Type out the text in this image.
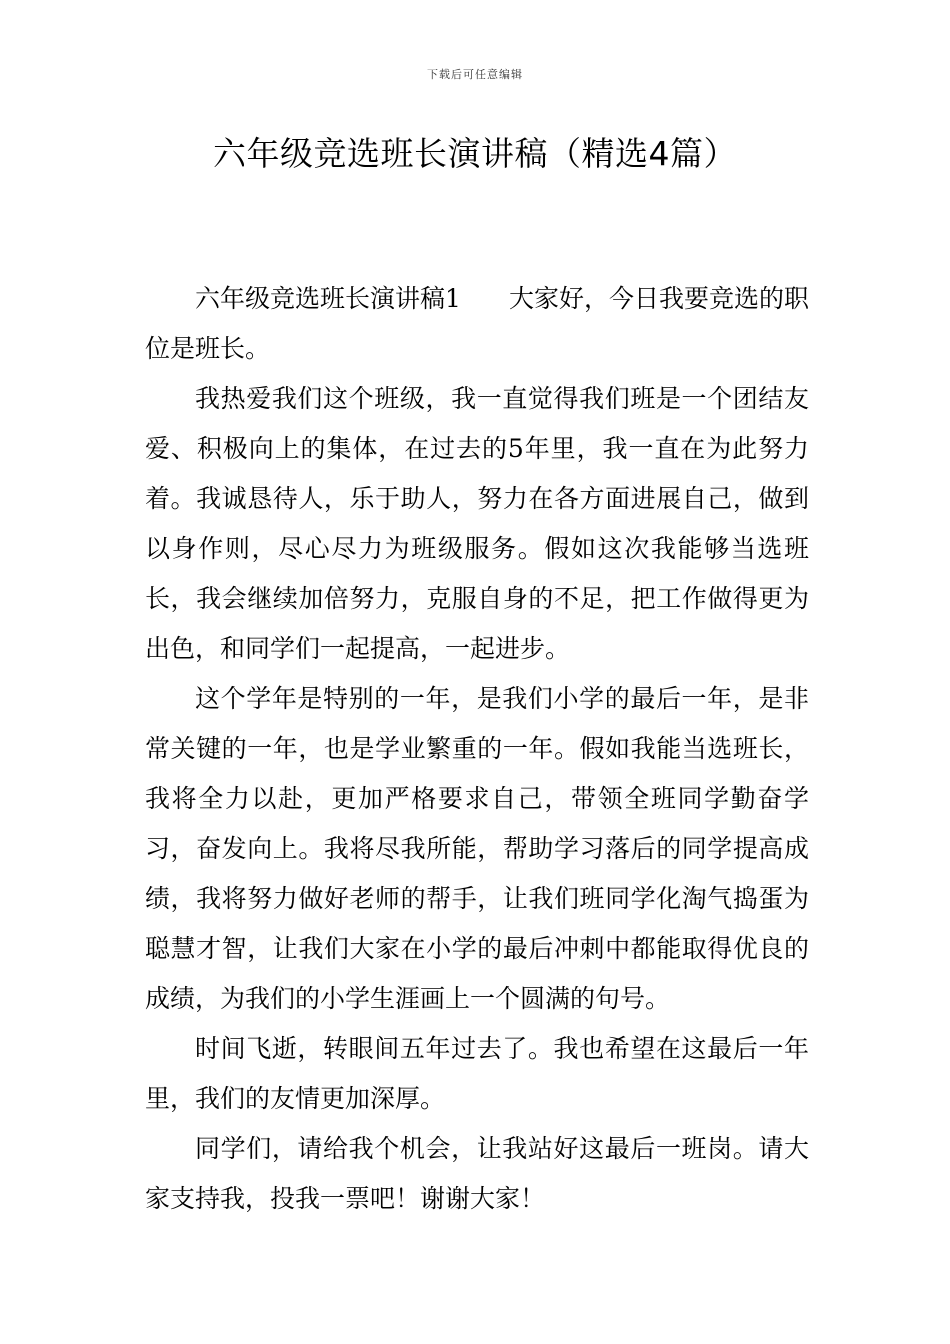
下载后可任意编辑
六年级竞选班长演讲稿（精选4篇）

六年级竞选班长演讲稿1 大家好，今日我要竞选的职位是班长。

我热爱我们这个班级，我一直觉得我们班是一个团结友爱、积极向上的集体，在过去的5年里，我一直在为此努力着。我诚恳待人，乐于助人，努力在各方面进展自己，做到以身作则，尽心尽力为班级服务。假如这次我能够当选班长，我会继续加倍努力，克服自身的不足，把工作做得更为出色，和同学们一起提高，一起进步。

这个学年是特别的一年，是我们小学的最后一年，是非常关键的一年，也是学业繁重的一年。假如我能当选班长，我将全力以赴，更加严格要求自己，带领全班同学勤奋学习，奋发向上。我将尽我所能，帮助学习落后的同学提高成绩，我将努力做好老师的帮手，让我们班同学化淘气捣蛋为聪慧才智，让我们大家在小学的最后冲刺中都能取得优良的成绩，为我们的小学生涯画上一个圆满的句号。

时间飞逝，转眼间五年过去了。我也希望在这最后一年里，我们的友情更加深厚。

同学们，请给我个机会，让我站好这最后一班岗。请大家支持我，投我一票吧！谢谢大家！
